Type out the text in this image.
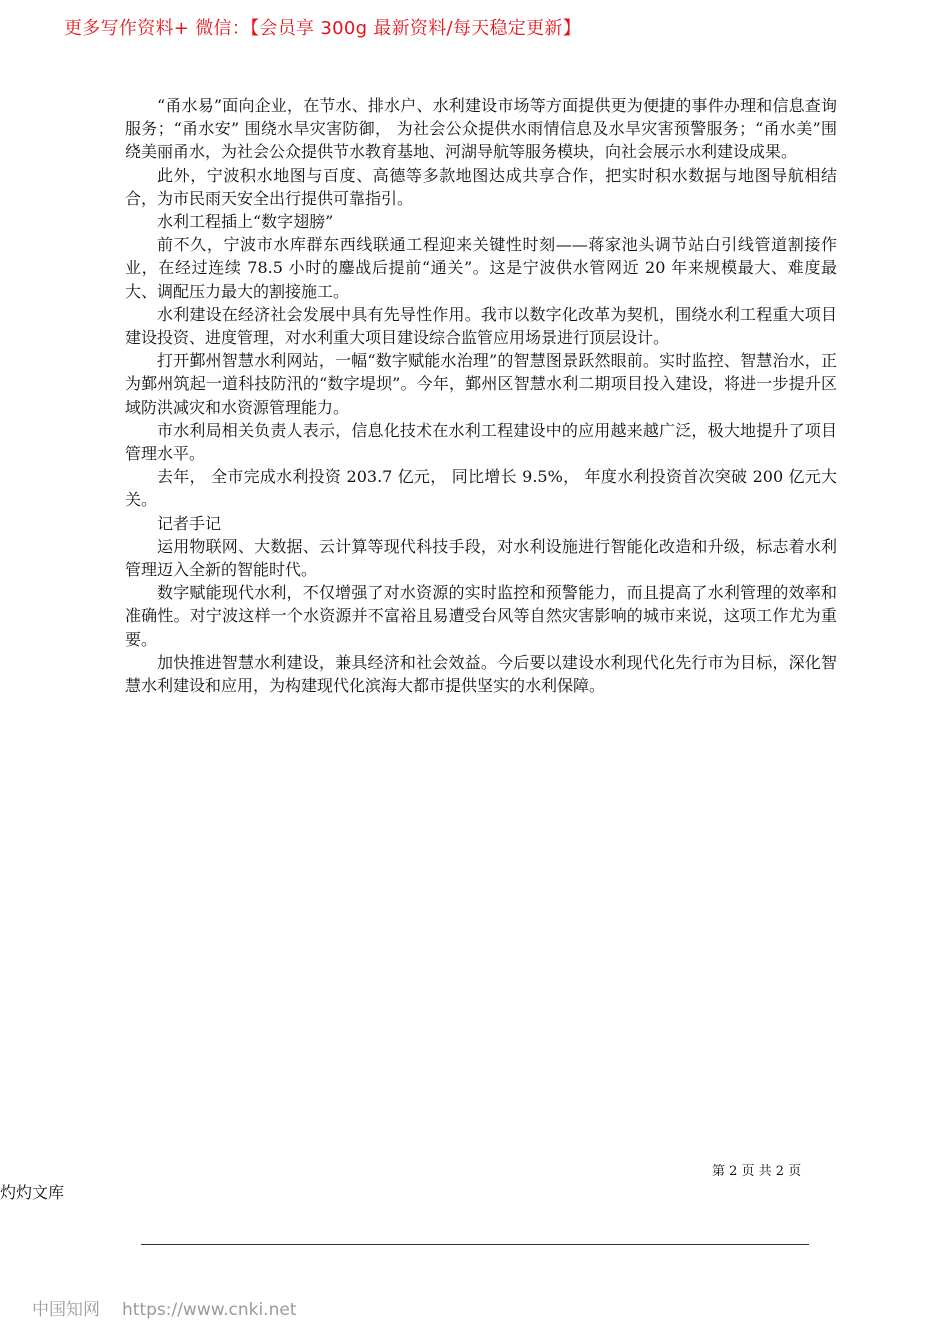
更多写作资料+ 微信：【会员享 300g 最新资料/每天稳定更新】

“甬水易”面向企业，在节水、排水户、水利建设市场等方面提供更为便捷的事件办理和信息查询服务；“甬水安” 围绕水旱灾害防御， 为社会公众提供水雨情信息及水旱灾害预警服务；“甬水美”围绕美丽甬水，为社会公众提供节水教育基地、河湖导航等服务模块，向社会展示水利建设成果。

此外，宁波积水地图与百度、高德等多款地图达成共享合作，把实时积水数据与地图导航相结合，为市民雨天安全出行提供可靠指引。

水利工程插上“数字翅膀”

前不久，宁波市水库群东西线联通工程迎来关键性时刻——蒋家池头调节站白引线管道割接作业，在经过连续 78.5 小时的鏖战后提前“通关”。这是宁波供水管网近 20 年来规模最大、难度最大、调配压力最大的割接施工。

水利建设在经济社会发展中具有先导性作用。我市以数字化改革为契机，围绕水利工程重大项目建设投资、进度管理，对水利重大项目建设综合监管应用场景进行顶层设计。

打开鄞州智慧水利网站，一幅“数字赋能水治理”的智慧图景跃然眼前。实时监控、智慧治水，正为鄞州筑起一道科技防汛的“数字堤坝”。今年，鄞州区智慧水利二期项目投入建设，将进一步提升区域防洪减灾和水资源管理能力。

市水利局相关负责人表示，信息化技术在水利工程建设中的应用越来越广泛，极大地提升了项目管理水平。

去年， 全市完成水利投资 203.7 亿元， 同比增长 9.5%， 年度水利投资首次突破 200 亿元大关。

记者手记

运用物联网、大数据、云计算等现代科技手段，对水利设施进行智能化改造和升级，标志着水利管理迈入全新的智能时代。

数字赋能现代水利，不仅增强了对水资源的实时监控和预警能力，而且提高了水利管理的效率和准确性。对宁波这样一个水资源并不富裕且易遭受台风等自然灾害影响的城市来说，这项工作尤为重要。

加快推进智慧水利建设，兼具经济和社会效益。今后要以建设水利现代化先行市为目标，深化智慧水利建设和应用，为构建现代化滨海大都市提供坚实的水利保障。

第 2 页 共 2 页
灼灼文库
中国知网 https://www.cnki.net
